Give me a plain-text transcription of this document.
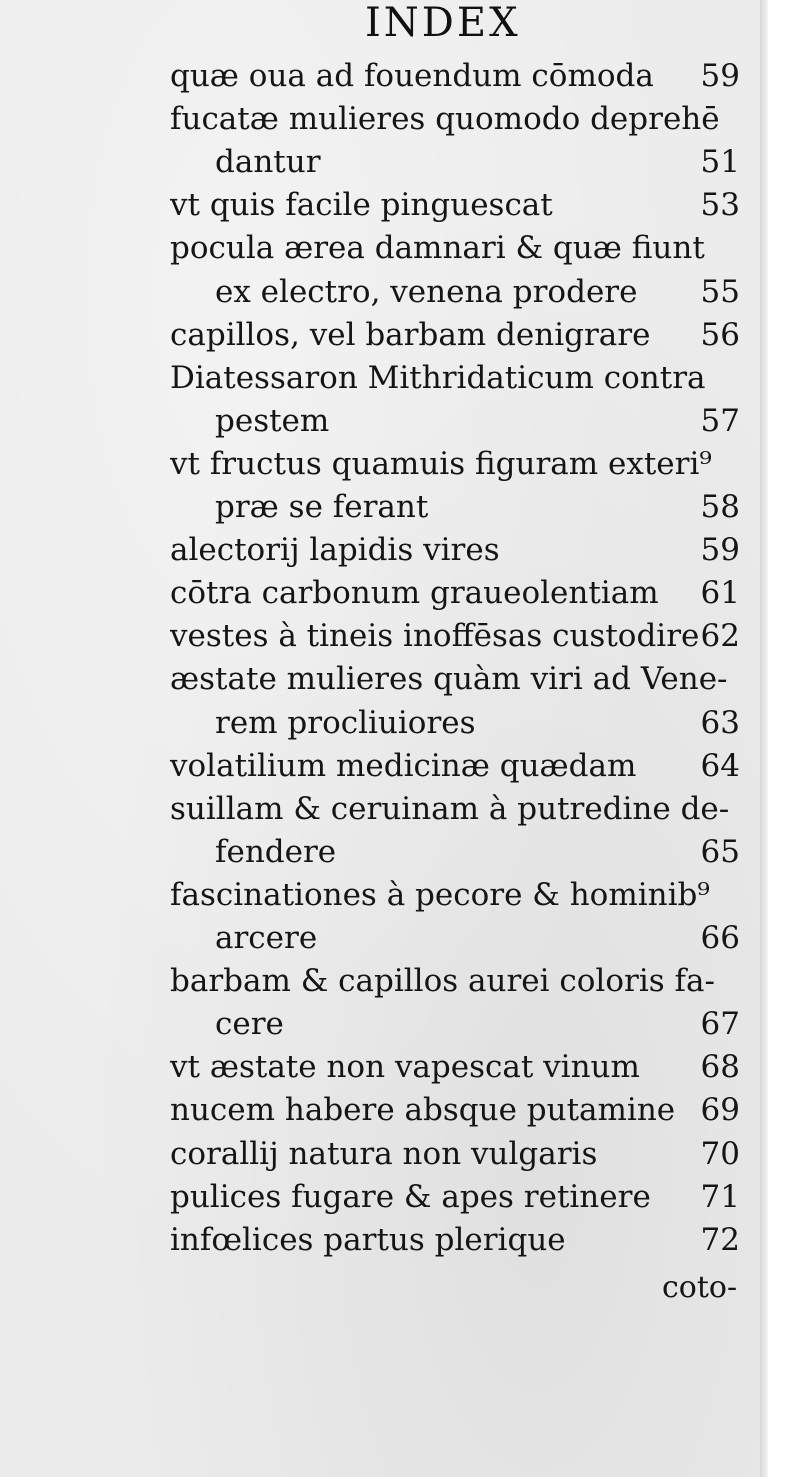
INDEX
quæ oua ad fouendum cōmoda 59
fucatæ mulieres quomodo deprehē
dantur	51
vt quis facile pinguescat	53
pocula ærea damnari & quæ fiunt
ex electro, venena prodere 55
capillos, vel barbam denigrare 56
Diatessaron Mithridaticum contra
pestem	57
vt fructus quamuis figuram exteri⁹
præ se ferant	58
alectorij lapidis vires	59
cōtra carbonum graueolentiam 61
vestes à tineis inoffēsas custodire 62
æstate mulieres quàm viri ad Vene-
rem procliuiores	63
volatilium medicinæ quædam 64
suillam & ceruinam à putredine de-
fendere	65
fascinationes à pecore & hominib⁹
arcere	66
barbam & capillos aurei coloris fa-
cere	67
vt æstate non vapescat vinum 68
nucem habere absque putamine 69
corallij natura non vulgaris	70
pulices fugare & apes retinere 71
infœlices partus plerique	72
coto-
